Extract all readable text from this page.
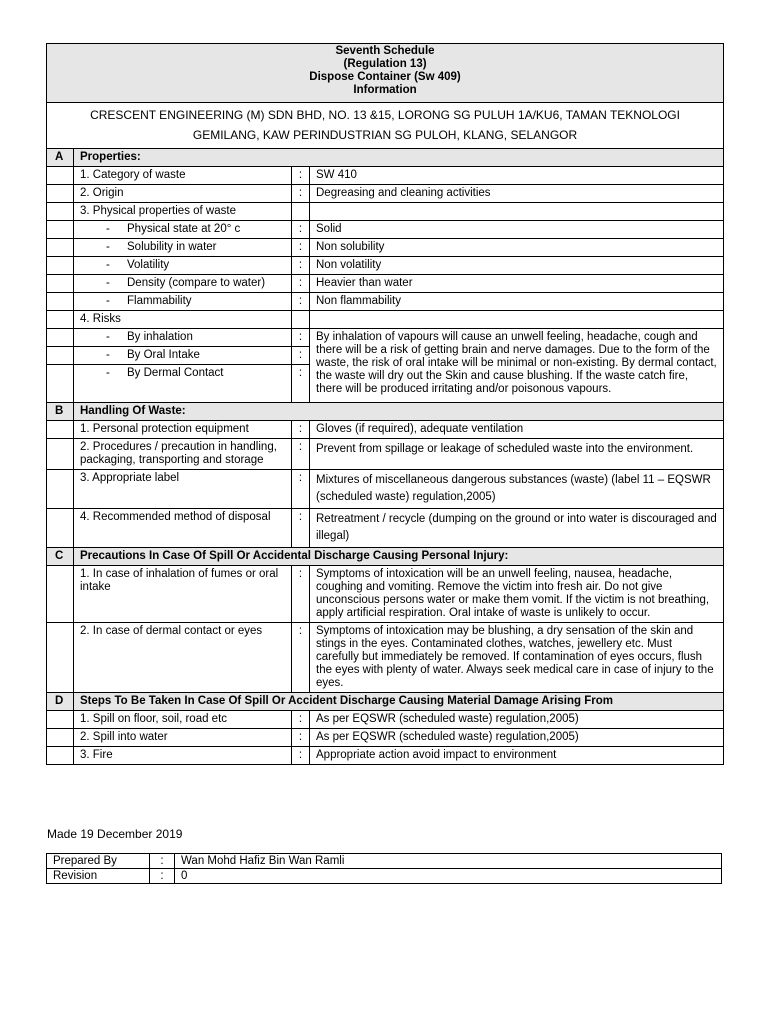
Seventh Schedule
(Regulation 13)
Dispose Container (Sw 409)
Information			

CRESCENT ENGINEERING (M) SDN BHD, NO. 13 &15, LORONG SG PULUH 1A/KU6, TAMAN TEKNOLOGI
GEMILANG, KAW PERINDUSTRIAN SG PULOH, KLANG, SELANGOR			
A	Properties:		
	1. Category of waste	:	SW 410
	2. Origin	:	Degreasing and cleaning activities
	3. Physical properties of waste		
	- Physical state at 20° c	:	Solid
	- Solubility in water	:	Non solubility
	- Volatility	:	Non volatility
	- Density (compare to water)	:	Heavier than water
	- Flammability	:	Non flammability
	4. Risks		
	- By inhalation	:	By inhalation of vapours will cause an unwell feeling, headache, cough and there will be a risk of getting brain and nerve damages. Due to the form of the waste, the risk of oral intake will be minimal or non-existing. By dermal contact, the waste will dry out the Skin and cause blushing. If the waste catch fire, there will be produced irritating and/or poisonous vapours.
	- By Oral Intake	:	
	- By Dermal Contact	:	
B	Handling Of Waste:		
	1. Personal protection equipment	:	Gloves (if required), adequate ventilation
	2. Procedures / precaution in handling, packaging, transporting and storage	:	Prevent from spillage or leakage of scheduled waste into the environment.
	3. Appropriate label	:	Mixtures of miscellaneous dangerous substances (waste) (label 11 – EQSWR (scheduled waste) regulation,2005)
	4. Recommended method of disposal	:	Retreatment / recycle (dumping on the ground or into water is discouraged and illegal)
C	Precautions In Case Of Spill Or Accidental Discharge Causing Personal Injury:		
	1. In case of inhalation of fumes or oral intake	:	Symptoms of intoxication will be an unwell feeling, nausea, headache, coughing and vomiting. Remove the victim into fresh air. Do not give unconscious persons water or make them vomit. If the victim is not breathing, apply artificial respiration. Oral intake of waste is unlikely to occur.
	2. In case of dermal contact or eyes	:	Symptoms of intoxication may be blushing, a dry sensation of the skin and stings in the eyes. Contaminated clothes, watches, jewellery etc. Must carefully but immediately be removed. If contamination of eyes occurs, flush the eyes with plenty of water. Always seek medical care in case of injury to the eyes.
D	Steps To Be Taken In Case Of Spill Or Accident Discharge Causing Material Damage Arising From		
	1. Spill on floor, soil, road etc	:	As per EQSWR (scheduled waste) regulation,2005)
	2. Spill into water	:	As per EQSWR (scheduled waste) regulation,2005)
	3. Fire	:	Appropriate action avoid impact to environment
Made 19 December 2019
Prepared By	:	Wan Mohd Hafiz Bin Wan Ramli
Revision	:	0
